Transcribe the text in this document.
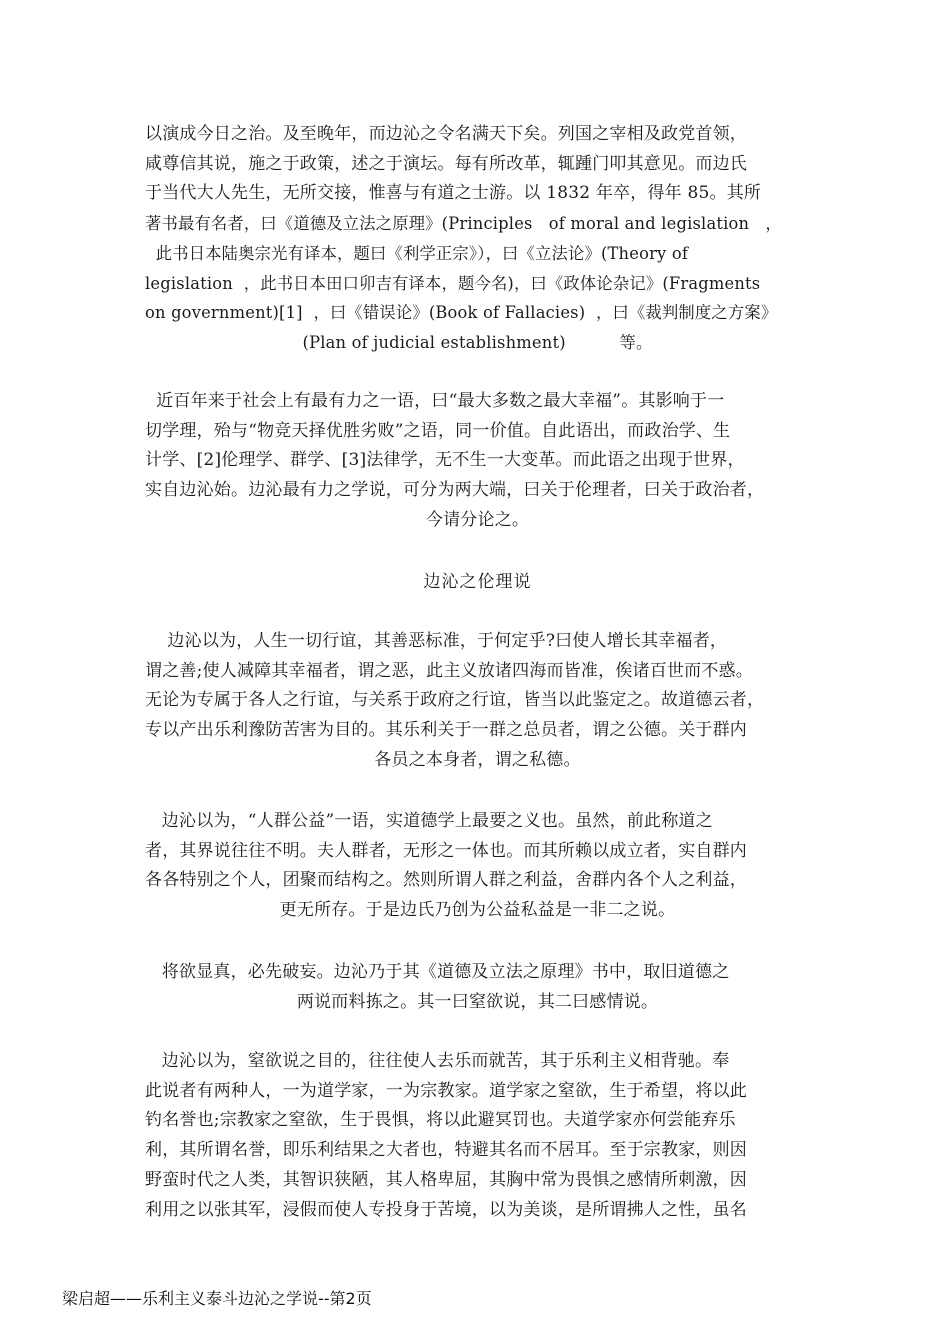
以演成今日之治。及至晚年，而边沁之令名满天下矣。列国之宰相及政党首领，
咸尊信其说，施之于政策，述之于演坛。每有所改革，辄踵门叩其意见。而边氏
于当代大人先生，无所交接，惟喜与有道之士游。以 1832 年卒，得年 85。其所
著书最有名者，曰《道德及立法之原理》(Principles   of moral and legislation   ，
此书日本陆奥宗光有译本，题曰《利学正宗》），曰《立法论》(Theory of
legislation  ，此书日本田口卯吉有译本，题今名)，曰《政体论杂记》(Fragments
on government)[1]  ，曰《错误论》(Book of Fallacies)  ，曰《裁判制度之方案》
(Plan of judicial establishment)          等。
近百年来于社会上有最有力之一语，曰“最大多数之最大幸福”。其影响于一
切学理，殆与“物竞天择优胜劣败”之语，同一价值。自此语出，而政治学、生
计学、[2]伦理学、群学、[3]法律学，无不生一大变革。而此语之出现于世界，
实自边沁始。边沁最有力之学说，可分为两大端，曰关于伦理者，曰关于政治者，
今请分论之。
边沁之伦理说
边沁以为，人生一切行谊，其善恶标准，于何定乎?曰使人增长其幸福者，
谓之善;使人减障其幸福者，谓之恶，此主义放诸四海而皆准，俟诸百世而不惑。
无论为专属于各人之行谊，与关系于政府之行谊，皆当以此鉴定之。故道德云者，
专以产出乐利豫防苦害为目的。其乐利关于一群之总员者，谓之公德。关于群内
各员之本身者，谓之私德。
边沁以为，“人群公益”一语，实道德学上最要之义也。虽然，前此称道之
者，其界说往往不明。夫人群者，无形之一体也。而其所赖以成立者，实自群内
各各特别之个人，团聚而结构之。然则所谓人群之利益，舍群内各个人之利益，
更无所存。于是边氏乃创为公益私益是一非二之说。
将欲显真，必先破妄。边沁乃于其《道德及立法之原理》书中，取旧道德之
两说而料拣之。其一曰窒欲说，其二曰感情说。
边沁以为，窒欲说之目的，往往使人去乐而就苦，其于乐利主义相背驰。奉
此说者有两种人，一为道学家，一为宗教家。道学家之窒欲，生于希望，将以此
钓名誉也;宗教家之窒欲，生于畏惧，将以此避冥罚也。夫道学家亦何尝能弃乐
利，其所谓名誉，即乐利结果之大者也，特避其名而不居耳。至于宗教家，则因
野蛮时代之人类，其智识狭陋，其人格卑屈，其胸中常为畏惧之感情所刺激，因
利用之以张其军，浸假而使人专投身于苦境，以为美谈，是所谓拂人之性，虽名
梁启超——乐利主义泰斗边沁之学说--第2页
